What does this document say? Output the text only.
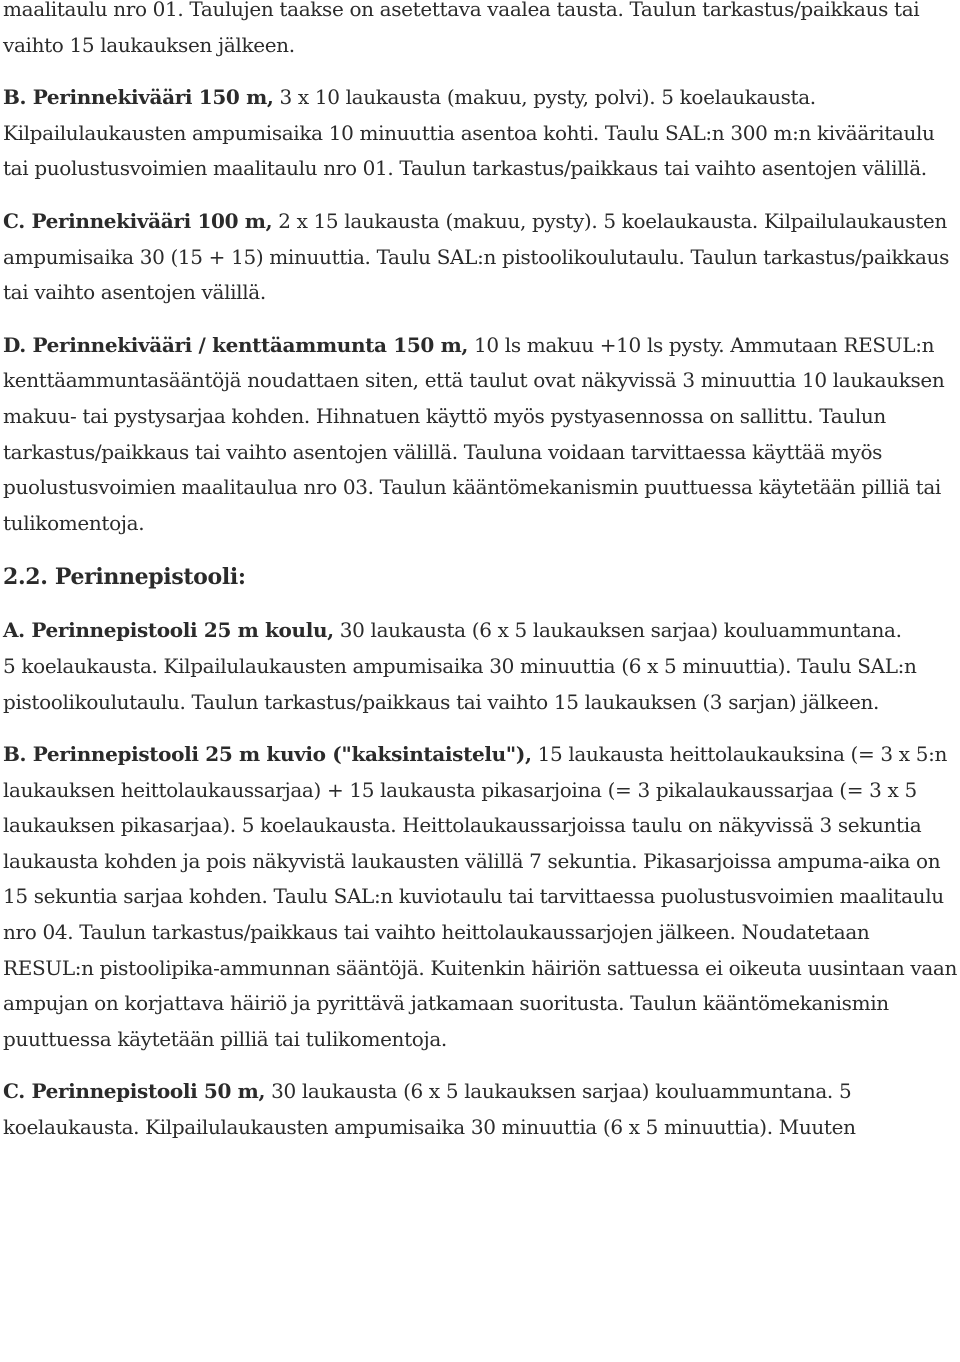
maalitaulu nro 01. Taulujen taakse on asetettava vaalea tausta. Taulun tarkastus/paikkaus tai vaihto 15 laukauksen jälkeen.

B. Perinnekivääri 150 m, 3 x 10 laukausta (makuu, pysty, polvi). 5 koelaukausta. Kilpailulaukausten ampumisaika 10 minuuttia asentoa kohti. Taulu SAL:n 300 m:n kivääritaulu tai puolustusvoimien maalitaulu nro 01. Taulun tarkastus/paikkaus tai vaihto asentojen välillä.

C. Perinnekivääri 100 m, 2 x 15 laukausta (makuu, pysty). 5 koelaukausta. Kilpailulaukausten ampumisaika 30 (15 + 15) minuuttia. Taulu SAL:n pistoolikoulutaulu. Taulun tarkastus/paikkaus tai vaihto asentojen välillä.

D. Perinnekivääri / kenttäammunta 150 m, 10 ls makuu +10 ls pysty. Ammutaan RESUL:n kenttäammuntasääntöjä noudattaen siten, että taulut ovat näkyvissä 3 minuuttia 10 laukauksen makuu- tai pystysarjaa kohden. Hihnatuen käyttö myös pystyasennossa on sallittu. Taulun tarkastus/paikkaus tai vaihto asentojen välillä. Tauluna voidaan tarvittaessa käyttää myös puolustusvoimien maalitaulua nro 03. Taulun kääntömekanismin puuttuessa käytetään pilliä tai tulikomentoja.

2.2. Perinnepistooli:

A. Perinnepistooli 25 m koulu, 30 laukausta (6 x 5 laukauksen sarjaa) kouluammuntana.
5 koelaukausta. Kilpailulaukausten ampumisaika 30 minuuttia (6 x 5 minuuttia). Taulu SAL:n pistoolikoulutaulu. Taulun tarkastus/paikkaus tai vaihto 15 laukauksen (3 sarjan) jälkeen.

B. Perinnepistooli 25 m kuvio ("kaksintaistelu"), 15 laukausta heittolaukauksina (= 3 x 5:n laukauksen heittolaukaussarjaa) + 15 laukausta pikasarjoina (= 3 pikalaukaussarjaa (= 3 x 5 laukauksen pikasarjaa). 5 koelaukausta. Heittolaukaussarjoissa taulu on näkyvissä 3 sekuntia laukausta kohden ja pois näkyvistä laukausten välillä 7 sekuntia. Pikasarjoissa ampuma-aika on 15 sekuntia sarjaa kohden. Taulu SAL:n kuviotaulu tai tarvittaessa puolustusvoimien maalitaulu nro 04. Taulun tarkastus/paikkaus tai vaihto heittolaukaussarjojen jälkeen. Noudatetaan RESUL:n pistoolipika-ammunnan sääntöjä. Kuitenkin häiriön sattuessa ei oikeuta uusintaan vaan ampujan on korjattava häiriö ja pyrittävä jatkamaan suoritusta. Taulun kääntömekanismin puuttuessa käytetään pilliä tai tulikomentoja.

C. Perinnepistooli 50 m, 30 laukausta (6 x 5 laukauksen sarjaa) kouluammuntana. 5 koelaukausta. Kilpailulaukausten ampumisaika 30 minuuttia (6 x 5 minuuttia). Muuten
